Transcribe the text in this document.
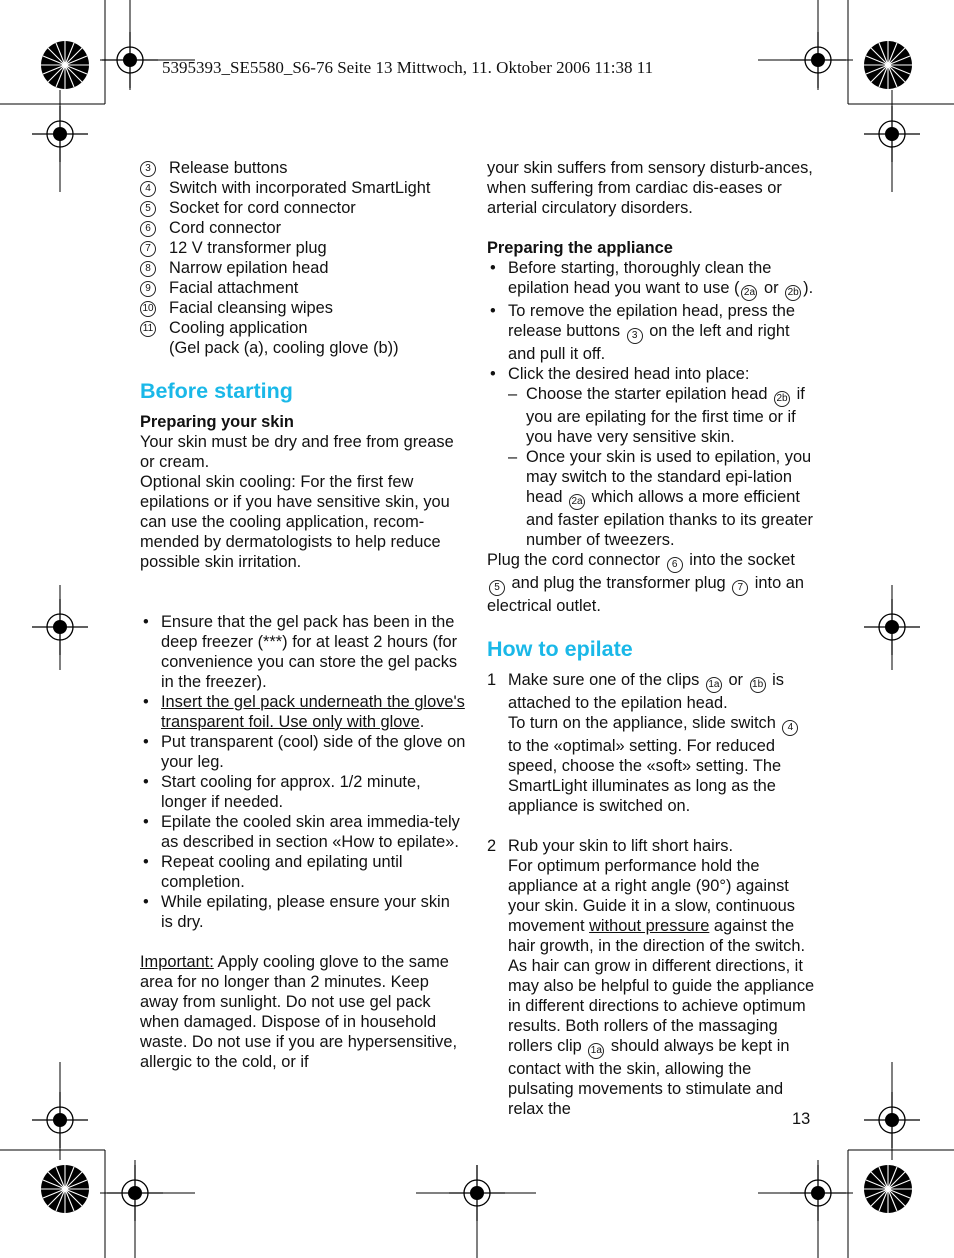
5395393_SE5580_S6-76 Seite 13 Mittwoch, 11. Oktober 2006 11:38 11
3	Release buttons
4	Switch with incorporated SmartLight
5	Socket for cord connector
6	Cord connector
7	12 V transformer plug
8	Narrow epilation head
9	Facial attachment
10 Facial cleansing wipes
11 Cooling application
(Gel pack (a), cooling glove (b))
Before starting
Preparing your skin

Your skin must be dry and free from grease or cream.

Optional skin cooling: For the first few epilations or if you have sensitive skin, you can use the cooling application, recom-mended by dermatologists to help reduce possible skin irritation.

• Ensure that the gel pack has been in the deep freezer (***) for at least 2 hours (for convenience you can store the gel packs in the freezer).
• Insert the gel pack underneath the glove's transparent foil. Use only with glove.
• Put transparent (cool) side of the glove on your leg.
• Start cooling for approx. 1/2 minute, longer if needed.
• Epilate the cooled skin area immedia-tely as described in section «How to epilate».
• Repeat cooling and epilating until completion.
• While epilating, please ensure your skin is dry.

Important: Apply cooling glove to the same area for no longer than 2 minutes. Keep away from sunlight. Do not use gel pack when damaged. Dispose of in household waste. Do not use if you are hypersensitive, allergic to the cold, or if

your skin suffers from sensory disturb-ances, when suffering from cardiac dis-eases or arterial circulatory disorders.

Preparing the appliance
• Before starting, thoroughly clean the epilation head you want to use ( 2a or 2b ).
• To remove the epilation head, press the release buttons 3 on the left and right and pull it off.
• Click the desired head into place:
– Choose the starter epilation head 2b if you are epilating for the first time or if you have very sensitive skin.
– Once your skin is used to epilation, you may switch to the standard epi-lation head 2a which allows a more efficient and faster epilation thanks to its greater number of tweezers.

Plug the cord connector 6 into the socket 5 and plug the transformer plug 7 into an electrical outlet.

How to epilate
1 Make sure one of the clips 1a or 1b is attached to the epilation head.

To turn on the appliance, slide switch 4 to the «optimal» setting. For reduced speed, choose the «soft» setting. The SmartLight illuminates as long as the appliance is switched on.

2 Rub your skin to lift short hairs.

For optimum performance hold the appliance at a right angle (90°) against your skin. Guide it in a slow, continuous movement without pressure against the hair growth, in the direction of the switch. As hair can grow in different directions, it may also be helpful to guide the appliance in different directions to achieve optimum results. Both rollers of the massaging rollers clip 1a should always be kept in contact with the skin, allowing the pulsating movements to stimulate and relax the

13
